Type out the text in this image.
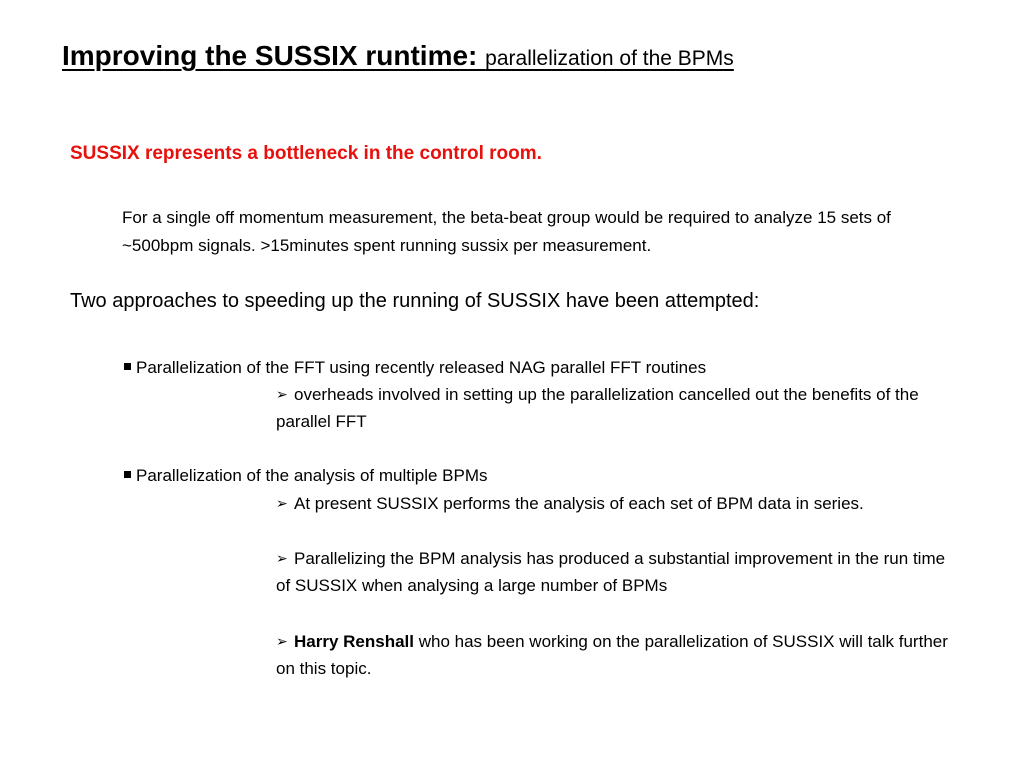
Improving the SUSSIX runtime: parallelization of the BPMs
SUSSIX represents a bottleneck in the control room.
For a single off momentum measurement, the beta-beat group would be required to analyze 15 sets of ~500bpm signals. >15minutes spent running sussix per measurement.
Two approaches to speeding up the running of SUSSIX have been attempted:
Parallelization of the FFT using recently released NAG parallel FFT routines
➢ overheads involved in setting up the parallelization cancelled out the benefits of the parallel FFT
Parallelization of the analysis of multiple BPMs
➢ At present SUSSIX performs the analysis of each set of BPM data in series.
➢ Parallelizing the BPM analysis has produced a substantial improvement in the run time of SUSSIX when analysing a large number of BPMs
➢ Harry Renshall who has been working on the parallelization of SUSSIX will talk further on this topic.
